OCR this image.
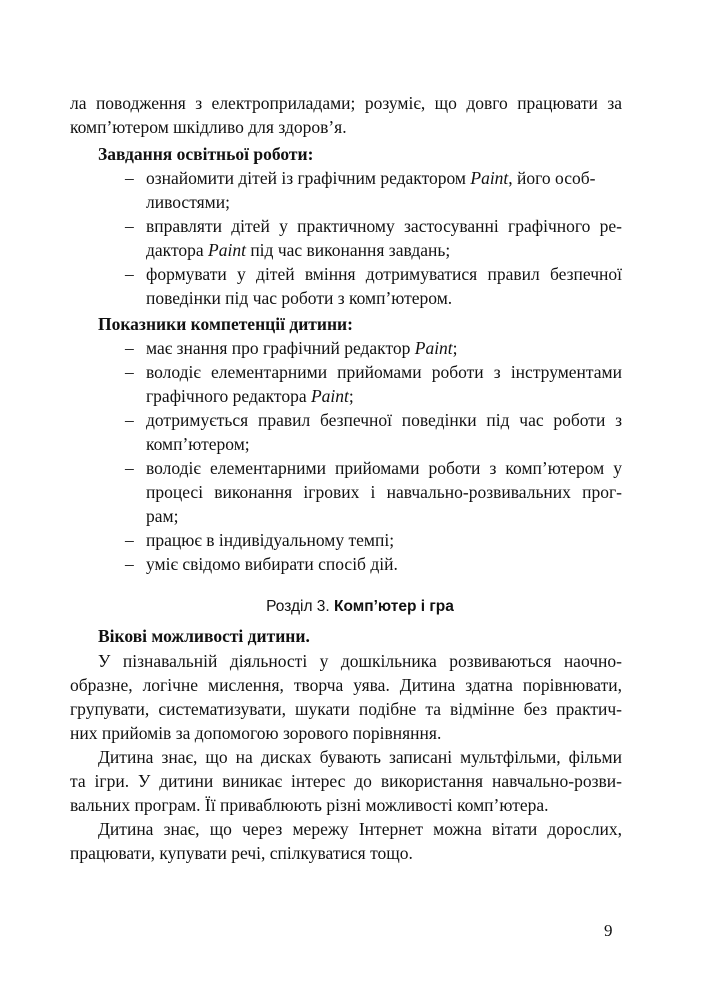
ла поводження з електроприладами; розуміє, що довго працювати за

комп’ютером шкідливо для здоров’я.

Завдання освітньої роботи:

– ознайомити дітей із графічним редактором Paint, його особ-

ливостями;

– вправляти дітей у практичному застосуванні графічного ре-

дактора Paint під час виконання завдань;

– формувати у дітей вміння дотримуватися правил безпечної

поведінки під час роботи з комп’ютером.

Показники компетенції дитини:

– має знання про графічний редактор Paint;

– володіє елементарними прийомами роботи з інструментами

графічного редактора Paint;

– дотримується правил безпечної поведінки під час роботи з

комп’ютером;

– володіє елементарними прийомами роботи з комп’ютером у

процесі виконання ігрових і навчально-розвивальних прог-

рам;

– працює в індивідуальному темпі;

– уміє свідомо вибирати спосіб дій.

Розділ 3. Комп’ютер і гра

Вікові можливості дитини.

У пізнавальній діяльності у дошкільника розвиваються наочно-

образне, логічне мислення, творча уява. Дитина здатна порівнювати,

групувати, систематизувати, шукати подібне та відмінне без практич-

них прийомів за допомогою зорового порівняння.

Дитина знає, що на дисках бувають записані мультфільми, фільми

та ігри. У дитини виникає інтерес до використання навчально-розви-

вальних програм. Її приваблюють різні можливості комп’ютера.

Дитина знає, що через мережу Інтернет можна вітати дорослих,

працювати, купувати речі, спілкуватися тощо.

9
